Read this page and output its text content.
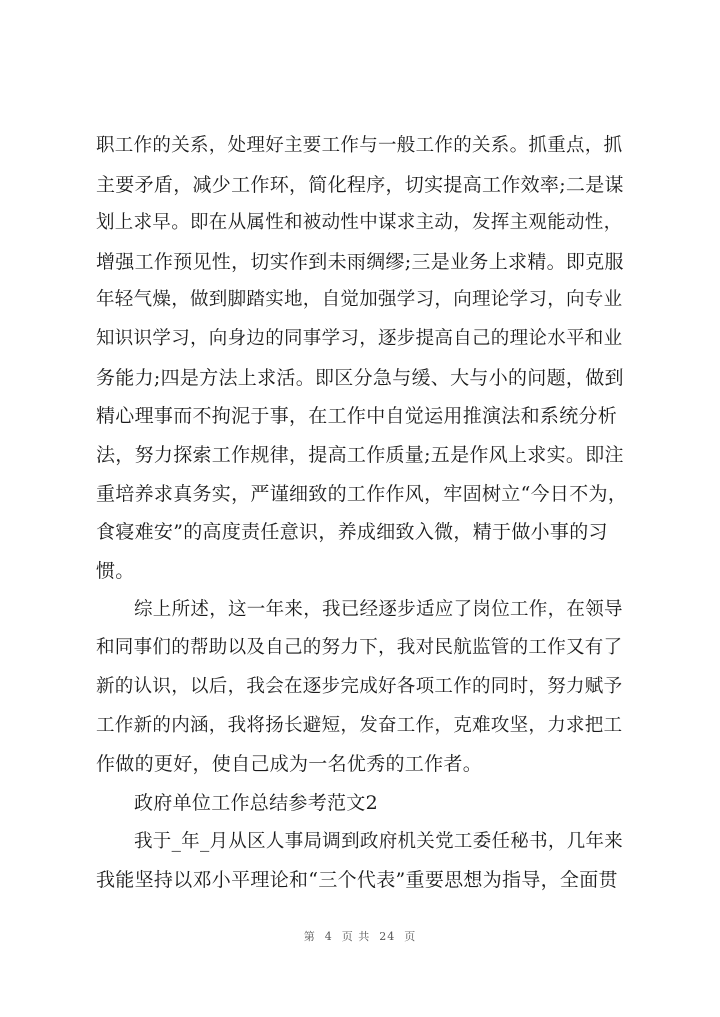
职工作的关系，处理好主要工作与一般工作的关系。抓重点，抓
主要矛盾，减少工作环，简化程序，切实提高工作效率;二是谋
划上求早。即在从属性和被动性中谋求主动，发挥主观能动性，
增强工作预见性，切实作到未雨绸缪;三是业务上求精。即克服
年轻气燥，做到脚踏实地，自觉加强学习，向理论学习，向专业
知识识学习，向身边的同事学习，逐步提高自己的理论水平和业
务能力;四是方法上求活。即区分急与缓、大与小的问题，做到
精心理事而不拘泥于事，在工作中自觉运用推演法和系统分析
法，努力探索工作规律，提高工作质量;五是作风上求实。即注
重培养求真务实，严谨细致的工作作风，牢固树立“今日不为，
食寝难安”的高度责任意识，养成细致入微，精于做小事的习
惯。
综上所述，这一年来，我已经逐步适应了岗位工作，在领导
和同事们的帮助以及自己的努力下，我对民航监管的工作又有了
新的认识，以后，我会在逐步完成好各项工作的同时，努力赋予
工作新的内涵，我将扬长避短，发奋工作，克难攻坚，力求把工
作做的更好，使自己成为一名优秀的工作者。
政府单位工作总结参考范文2
我于_年_月从区人事局调到政府机关党工委任秘书，几年来
我能坚持以邓小平理论和“三个代表”重要思想为指导，全面贯
第  4  页 共  24  页
